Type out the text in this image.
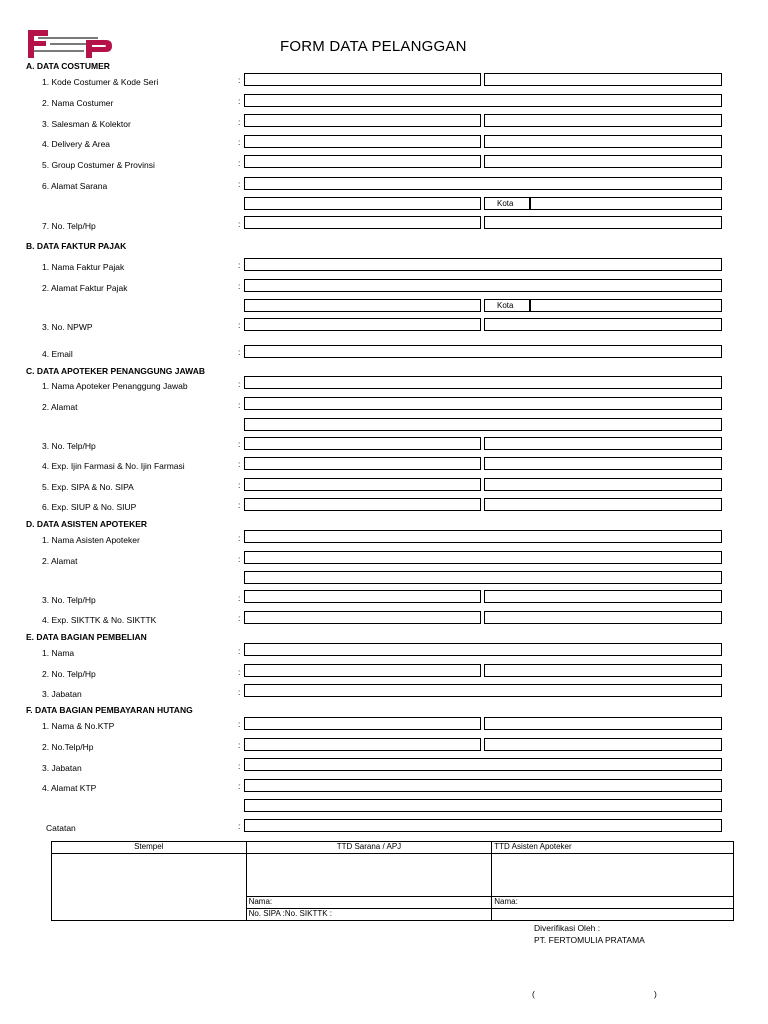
FORM DATA PELANGGAN
A. DATA COSTUMER
1. Kode Costumer & Kode Seri	:
2. Nama Costumer	:
3. Salesman & Kolektor	:
4. Delivery & Area	:
5. Group Costumer & Provinsi	:
6. Alamat Sarana	:
Kota
7. No. Telp/Hp	:
B. DATA FAKTUR PAJAK
1. Nama Faktur Pajak	:
2. Alamat Faktur Pajak	:
Kota
3. No. NPWP	:
4. Email	:
C. DATA APOTEKER PENANGGUNG JAWAB
1. Nama Apoteker Penanggung Jawab	:
2. Alamat	:
3. No. Telp/Hp	:
4. Exp. Ijin Farmasi & No. Ijin Farmasi	:
5. Exp. SIPA & No. SIPA	:
6. Exp. SIUP & No. SIUP	:
D. DATA ASISTEN APOTEKER
1. Nama Asisten Apoteker	:
2. Alamat	:
3. No. Telp/Hp	:
4. Exp. SIKTTK & No. SIKTTK	:
E. DATA BAGIAN PEMBELIAN
1. Nama	:
2. No. Telp/Hp	:
3. Jabatan	:
F. DATA BAGIAN PEMBAYARAN HUTANG
1. Nama & No.KTP	:
2. No.Telp/Hp	:
3. Jabatan	:
4. Alamat KTP	:
Catatan	:
Stempel	TTD Sarana / APJ	TTD Asisten Apoteker

	Nama:	Nama:
	No. SIPA :No. SIKTTK :	
Diverifikasi Oleh :
PT. FERTOMULIA PRATAMA
(	)
